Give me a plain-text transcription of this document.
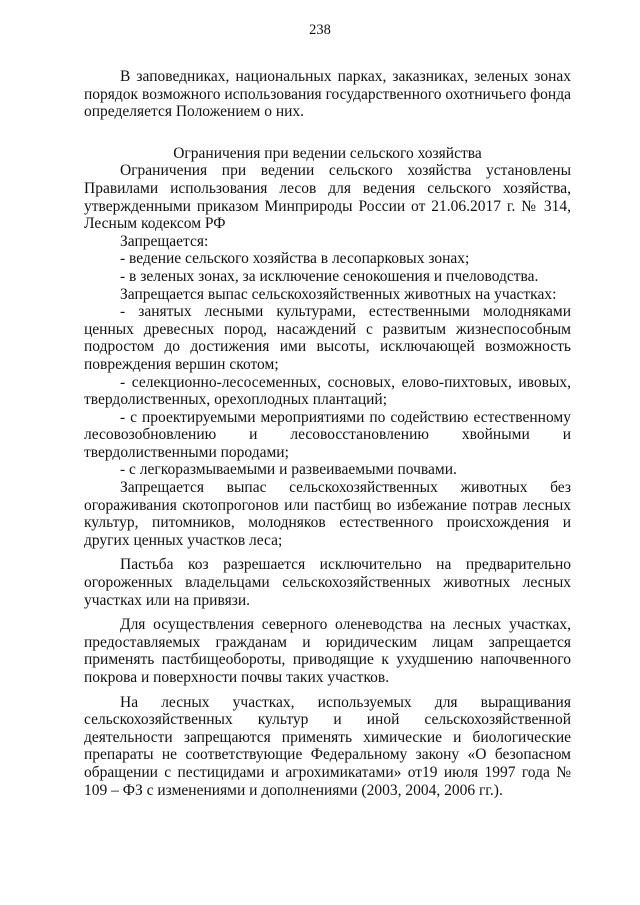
238

В заповедниках, национальных парках, заказниках, зеленых зонах порядок возможного использования государственного охотничьего фонда определяется Положением о них.

Ограничения при ведении сельского хозяйства

Ограничения при ведении сельского хозяйства установлены Правилами использования лесов для ведения сельского хозяйства, утвержденными приказом Минприроды России от 21.06.2017 г. № 314, Лесным кодексом РФ

Запрещается:

- ведение сельского хозяйства в лесопарковых зонах;

- в зеленых зонах, за исключение сенокошения и пчеловодства.

Запрещается выпас сельскохозяйственных животных на участках:

- занятых лесными культурами, естественными молодняками ценных древесных пород, насаждений с развитым жизнеспособным подростом до достижения ими высоты, исключающей возможность повреждения вершин скотом;

- селекционно-лесосеменных, сосновых, елово-пихтовых, ивовых, твердолиственных, орехоплодных плантаций;

- с проектируемыми мероприятиями по содействию естественному лесовозобновлению и лесовосстановлению хвойными и твердолиственными породами;

- с легкоразмываемыми и развеиваемыми почвами.

Запрещается выпас сельскохозяйственных животных без огораживания скотопрогонов или пастбищ во избежание потрав лесных культур, питомников, молодняков естественного происхождения и других ценных участков леса;

Пастьба коз разрешается исключительно на предварительно огороженных владельцами сельскохозяйственных животных лесных участках или на привязи.

Для осуществления северного оленеводства на лесных участках, предоставляемых гражданам и юридическим лицам запрещается применять пастбищеобороты, приводящие к ухудшению напочвенного покрова и поверхности почвы таких участков.

На лесных участках, используемых для выращивания сельскохозяйственных культур и иной сельскохозяйственной деятельности запрещаются применять химические и биологические препараты не соответствующие Федеральному закону «О безопасном обращении с пестицидами и агрохимикатами» от19 июля 1997 года № 109 – ФЗ с изменениями и дополнениями (2003, 2004, 2006 гг.).
